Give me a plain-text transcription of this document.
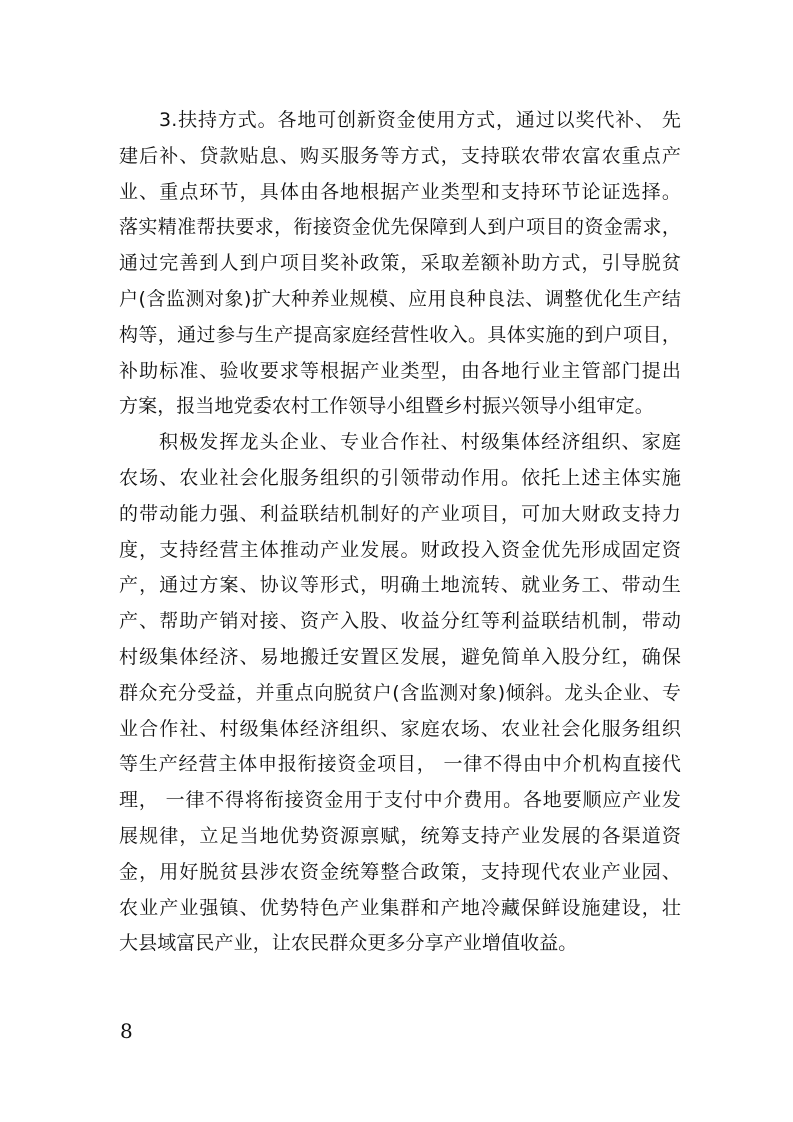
3.扶持方式。各地可创新资金使用方式，通过以奖代补、 先
建后补、贷款贴息、购买服务等方式，支持联农带农富农重点产
业、重点环节，具体由各地根据产业类型和支持环节论证选择。
落实精准帮扶要求，衔接资金优先保障到人到户项目的资金需求，
通过完善到人到户项目奖补政策，采取差额补助方式，引导脱贫
户(含监测对象)扩大种养业规模、应用良种良法、调整优化生产结
构等，通过参与生产提高家庭经营性收入。具体实施的到户项目，
补助标准、验收要求等根据产业类型，由各地行业主管部门提出
方案，报当地党委农村工作领导小组暨乡村振兴领导小组审定。
积极发挥龙头企业、专业合作社、村级集体经济组织、家庭
农场、农业社会化服务组织的引领带动作用。依托上述主体实施
的带动能力强、利益联结机制好的产业项目，可加大财政支持力
度，支持经营主体推动产业发展。财政投入资金优先形成固定资
产，通过方案、协议等形式，明确土地流转、就业务工、带动生
产、帮助产销对接、资产入股、收益分红等利益联结机制，带动
村级集体经济、易地搬迁安置区发展，避免简单入股分红，确保
群众充分受益，并重点向脱贫户(含监测对象)倾斜。龙头企业、专
业合作社、村级集体经济组织、家庭农场、农业社会化服务组织
等生产经营主体申报衔接资金项目， 一律不得由中介机构直接代
理， 一律不得将衔接资金用于支付中介费用。各地要顺应产业发
展规律，立足当地优势资源禀赋，统筹支持产业发展的各渠道资
金，用好脱贫县涉农资金统筹整合政策，支持现代农业产业园、
农业产业强镇、优势特色产业集群和产地冷藏保鲜设施建设，壮
大县域富民产业，让农民群众更多分享产业增值收益。
8
